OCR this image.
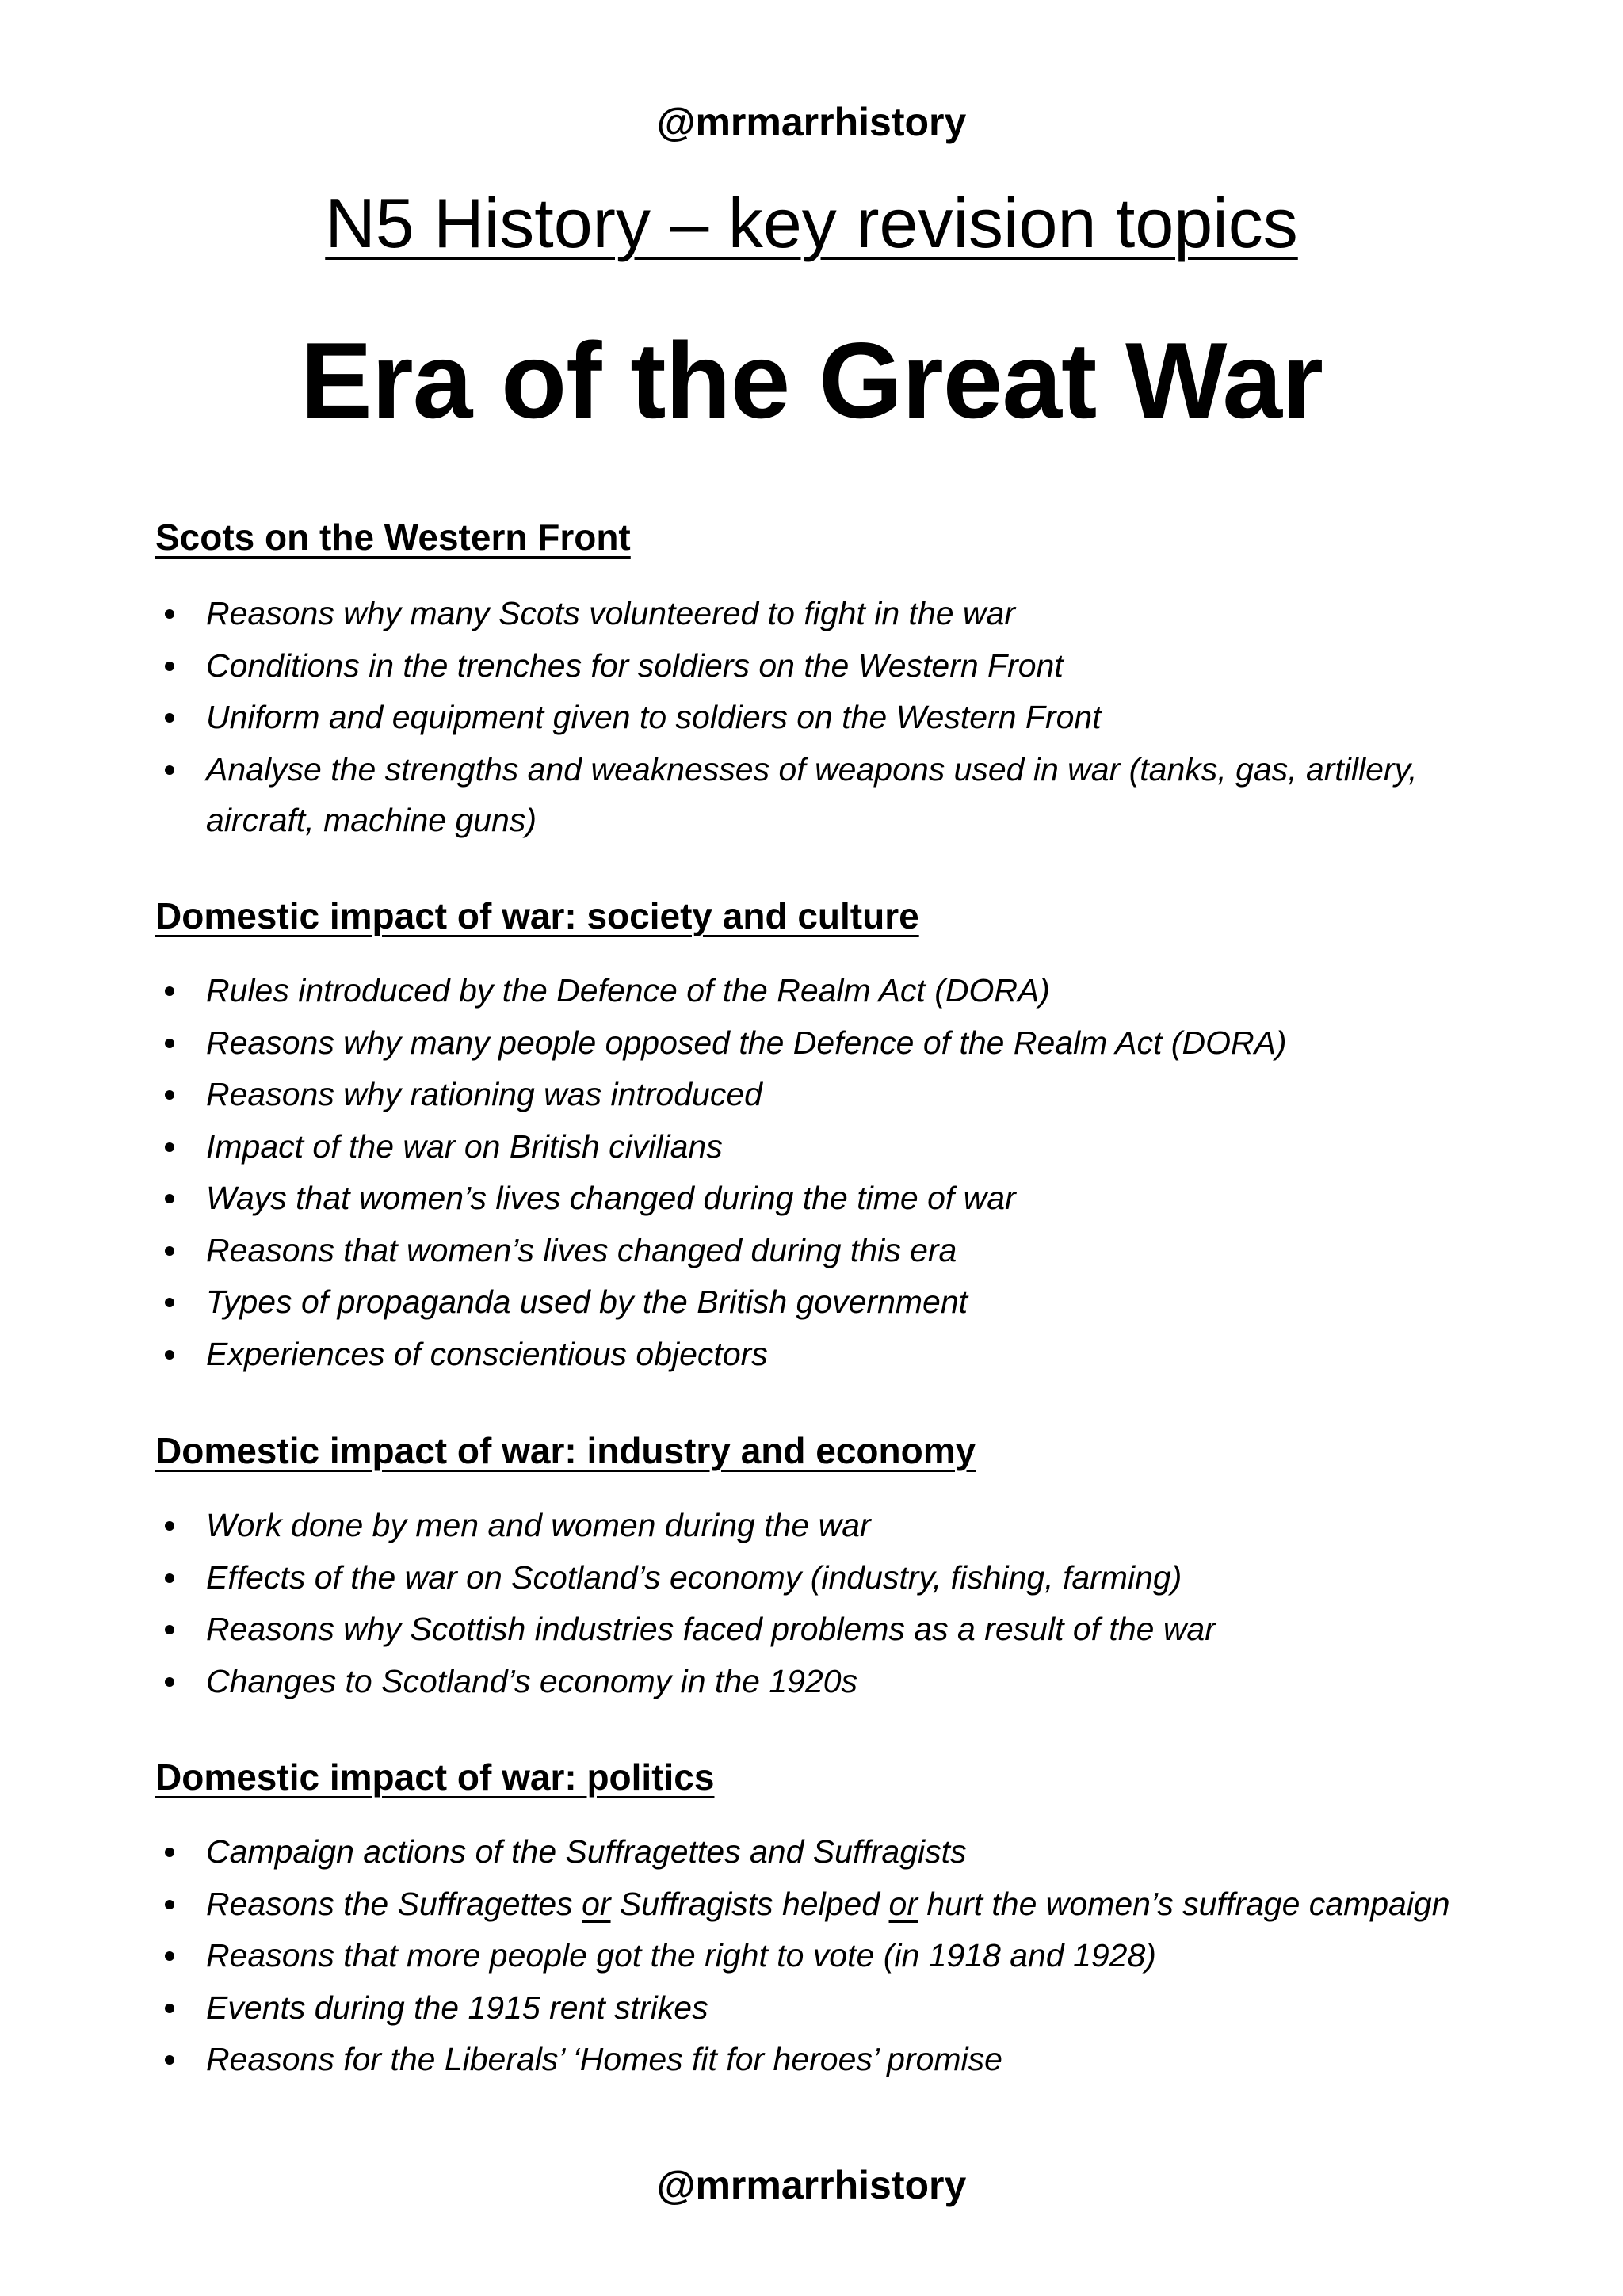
@mrmarrhistory
N5 History – key revision topics
Era of the Great War
Scots on the Western Front
Reasons why many Scots volunteered to fight in the war
Conditions in the trenches for soldiers on the Western Front
Uniform and equipment given to soldiers on the Western Front
Analyse the strengths and weaknesses of weapons used in war (tanks, gas, artillery, aircraft, machine guns)
Domestic impact of war: society and culture
Rules introduced by the Defence of the Realm Act (DORA)
Reasons why many people opposed the Defence of the Realm Act (DORA)
Reasons why rationing was introduced
Impact of the war on British civilians
Ways that women’s lives changed during the time of war
Reasons that women’s lives changed during this era
Types of propaganda used by the British government
Experiences of conscientious objectors
Domestic impact of war: industry and economy
Work done by men and women during the war
Effects of the war on Scotland’s economy (industry, fishing, farming)
Reasons why Scottish industries faced problems as a result of the war
Changes to Scotland’s economy in the 1920s
Domestic impact of war: politics
Campaign actions of the Suffragettes and Suffragists
Reasons the Suffragettes or Suffragists helped or hurt the women’s suffrage campaign
Reasons that more people got the right to vote (in 1918 and 1928)
Events during the 1915 rent strikes
Reasons for the Liberals’ ‘Homes fit for heroes’ promise
@mrmarrhistory
